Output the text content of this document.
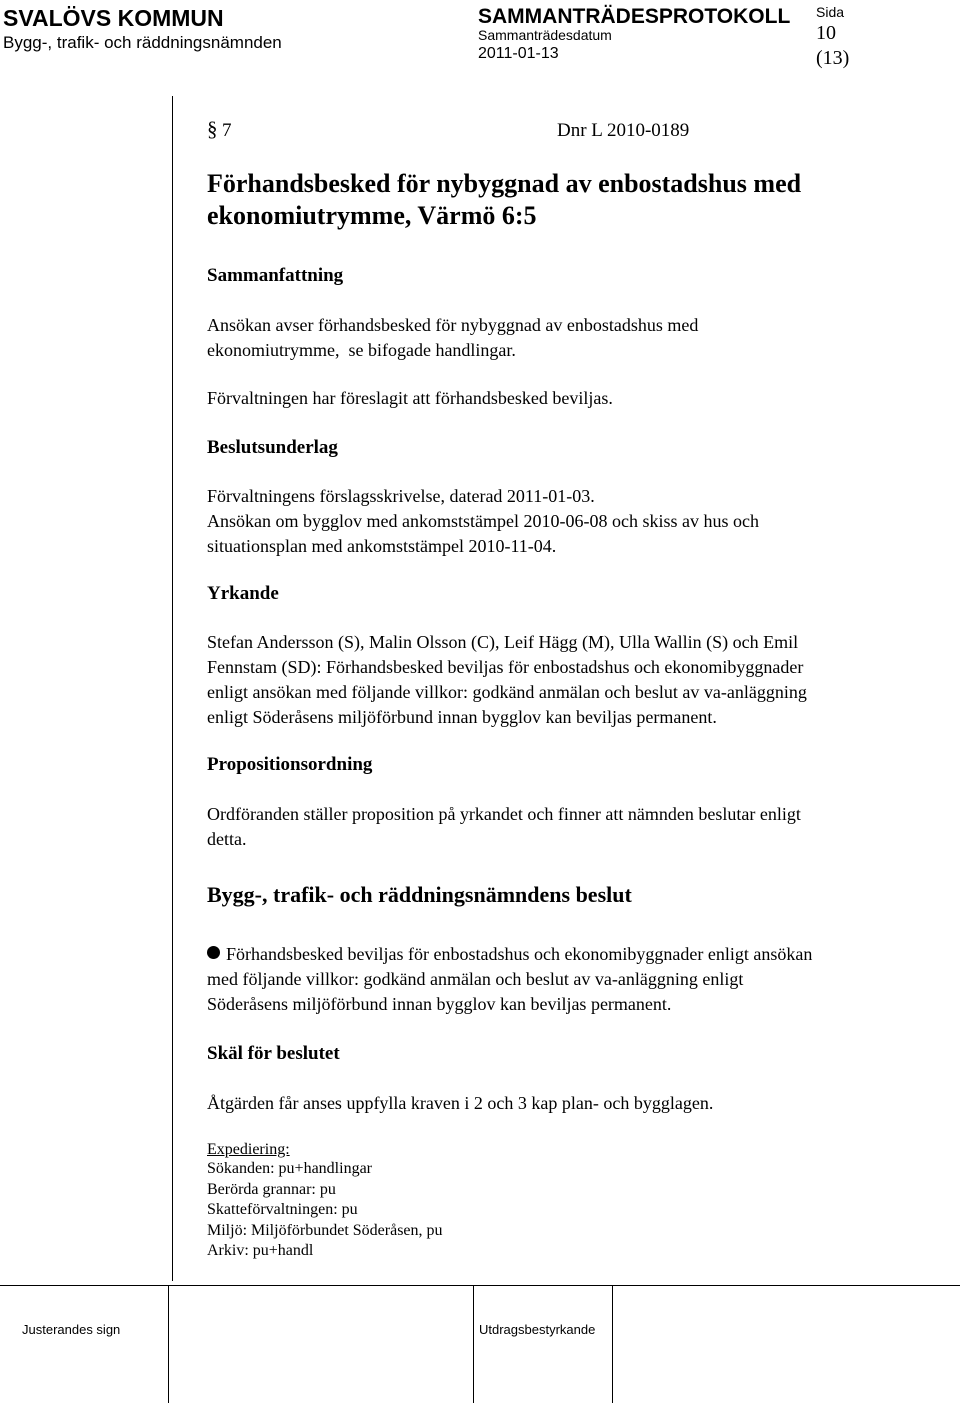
SVALÖVS KOMMUN
Bygg-, trafik- och räddningsnämnden
SAMMANTRÄDESPROTOKOLL
Sammanträdesdatum
2011-01-13
Sida
10
(13)
§ 7	Dnr L 2010-0189
Förhandsbesked för nybyggnad av enbostadshus med
ekonomiutrymme, Värmö 6:5
Sammanfattning
Ansökan avser förhandsbesked för nybyggnad av enbostadshus med
ekonomiutrymme,  se bifogade handlingar.
Förvaltningen har föreslagit att förhandsbesked beviljas.
Beslutsunderlag
Förvaltningens förslagsskrivelse, daterad 2011-01-03.
Ansökan om bygglov med ankomststämpel 2010-06-08 och skiss av hus och
situationsplan med ankomststämpel 2010-11-04.
Yrkande
Stefan Andersson (S), Malin Olsson (C), Leif Hägg (M), Ulla Wallin (S) och Emil
Fennstam (SD): Förhandsbesked beviljas för enbostadshus och ekonomibyggnader
enligt ansökan med följande villkor: godkänd anmälan och beslut av va-anläggning
enligt Söderåsens miljöförbund innan bygglov kan beviljas permanent.
Propositionsordning
Ordföranden ställer proposition på yrkandet och finner att nämnden beslutar enligt
detta.
Bygg-, trafik- och räddningsnämndens beslut
Förhandsbesked beviljas för enbostadshus och ekonomibyggnader enligt ansökan
med följande villkor: godkänd anmälan och beslut av va-anläggning enligt
Söderåsens miljöförbund innan bygglov kan beviljas permanent.
Skäl för beslutet
Åtgärden får anses uppfylla kraven i 2 och 3 kap plan- och bygglagen.
Expediering:
Sökanden: pu+handlingar
Berörda grannar: pu
Skatteförvaltningen: pu
Miljö: Miljöförbundet Söderåsen, pu
Arkiv: pu+handl
Justerandes sign	Utdragsbestyrkande
